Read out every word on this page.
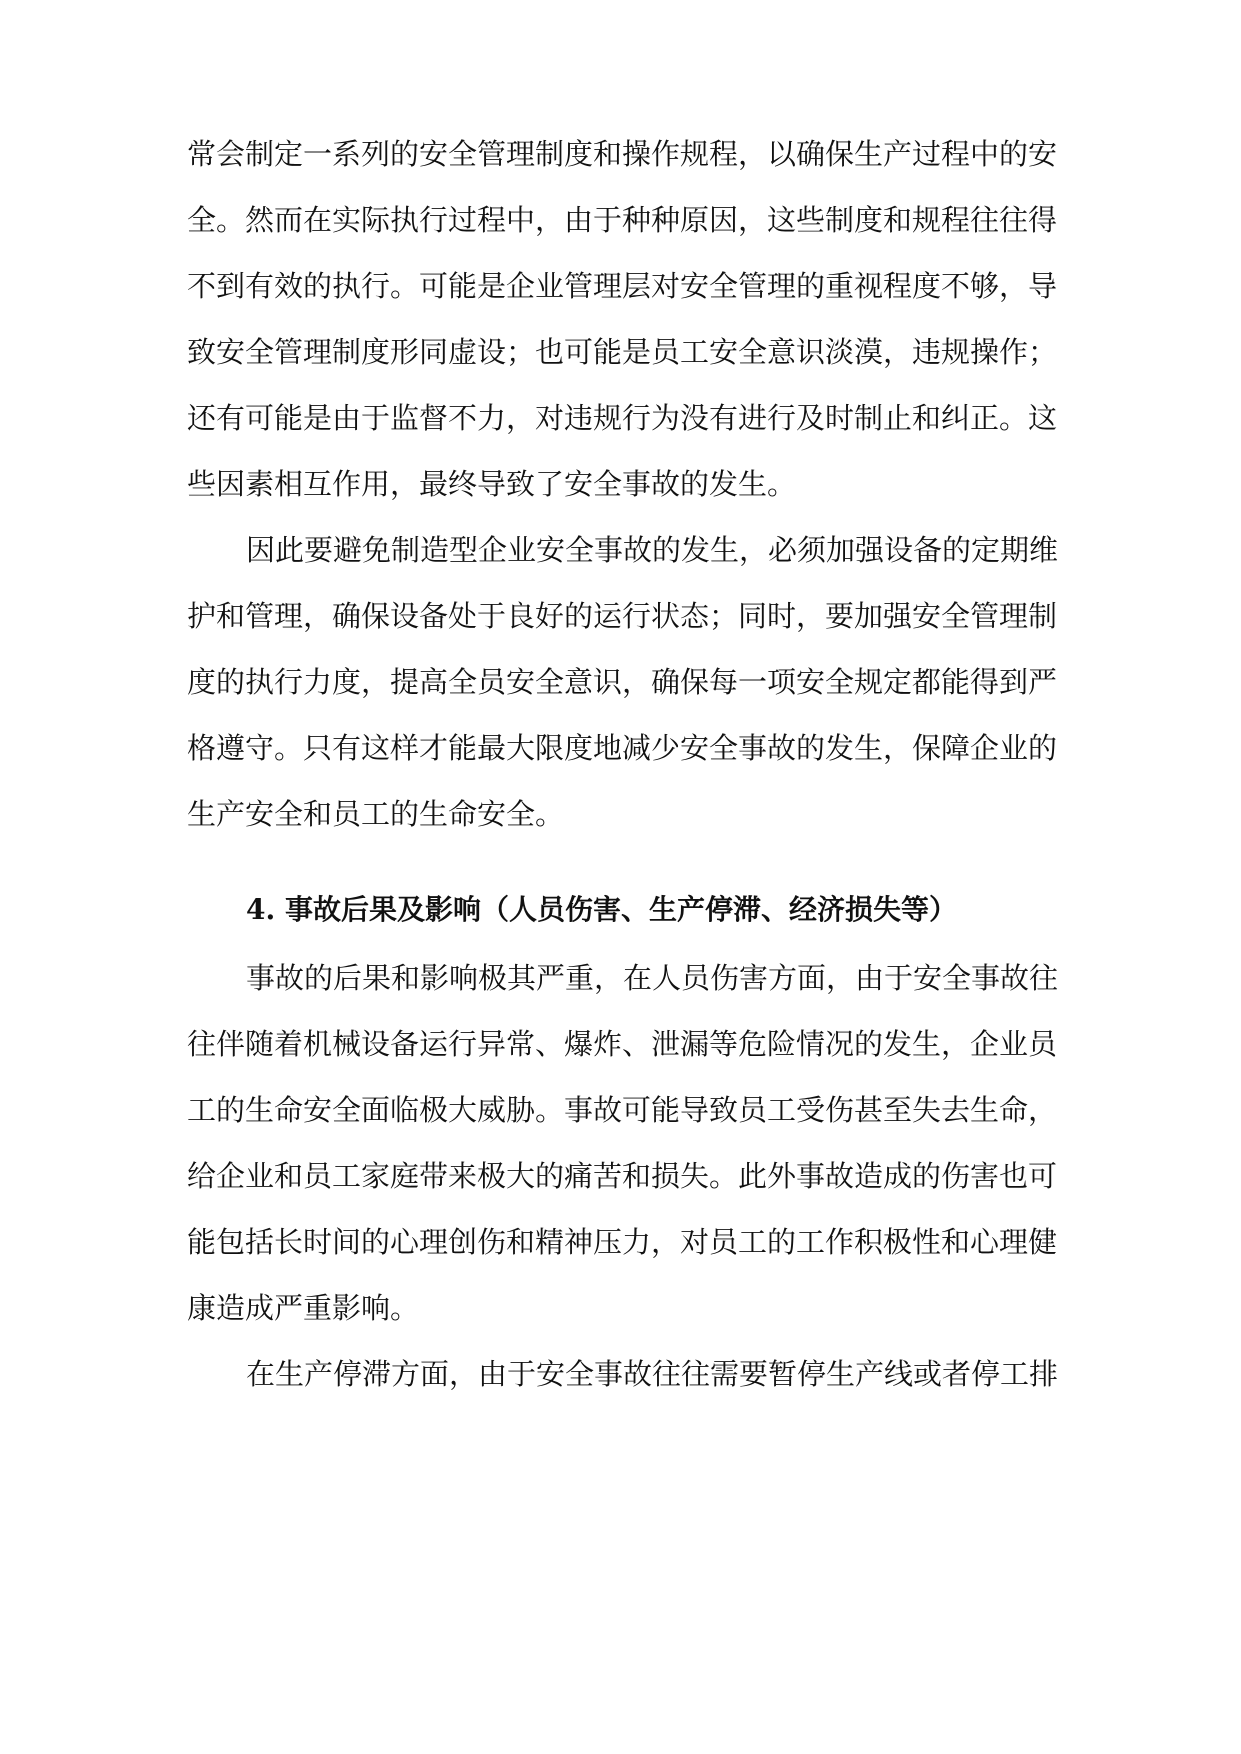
常会制定一系列的安全管理制度和操作规程，以确保生产过程中的安
全。然而在实际执行过程中，由于种种原因，这些制度和规程往往得
不到有效的执行。可能是企业管理层对安全管理的重视程度不够，导
致安全管理制度形同虚设；也可能是员工安全意识淡漠，违规操作；
还有可能是由于监督不力，对违规行为没有进行及时制止和纠正。这
些因素相互作用，最终导致了安全事故的发生。
因此要避免制造型企业安全事故的发生，必须加强设备的定期维
护和管理，确保设备处于良好的运行状态；同时，要加强安全管理制
度的执行力度，提高全员安全意识，确保每一项安全规定都能得到严
格遵守。只有这样才能最大限度地减少安全事故的发生，保障企业的
生产安全和员工的生命安全。
4. 事故后果及影响（人员伤害、生产停滞、经济损失等）
事故的后果和影响极其严重，在人员伤害方面，由于安全事故往
往伴随着机械设备运行异常、爆炸、泄漏等危险情况的发生，企业员
工的生命安全面临极大威胁。事故可能导致员工受伤甚至失去生命，
给企业和员工家庭带来极大的痛苦和损失。此外事故造成的伤害也可
能包括长时间的心理创伤和精神压力，对员工的工作积极性和心理健
康造成严重影响。
在生产停滞方面，由于安全事故往往需要暂停生产线或者停工排
